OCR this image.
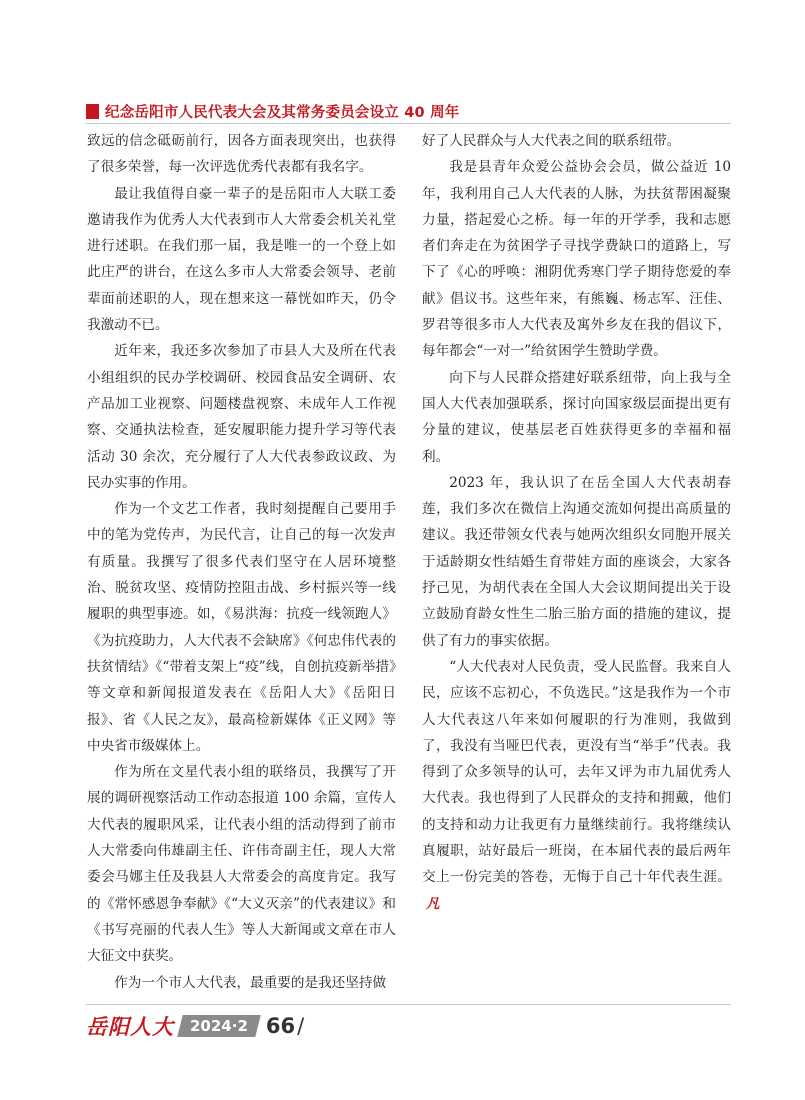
纪念岳阳市人民代表大会及其常务委员会设立 40 周年

致远的信念砥砺前行，因各方面表现突出，也获得了很多荣誉，每一次评选优秀代表都有我名字。

最让我值得自豪一辈子的是岳阳市人大联工委邀请我作为优秀人大代表到市人大常委会机关礼堂进行述职。在我们那一届，我是唯一的一个登上如此庄严的讲台，在这么多市人大常委会领导、老前辈面前述职的人，现在想来这一幕恍如昨天，仍令我激动不已。

近年来，我还多次参加了市县人大及所在代表小组组织的民办学校调研、校园食品安全调研、农产品加工业视察、问题楼盘视察、未成年人工作视察、交通执法检查，延安履职能力提升学习等代表活动 30 余次，充分履行了人大代表参政议政、为民办实事的作用。

作为一个文艺工作者，我时刻提醒自己要用手中的笔为党传声，为民代言，让自己的每一次发声有质量。我撰写了很多代表们坚守在人居环境整治、脱贫攻坚、疫情防控阻击战、乡村振兴等一线履职的典型事迹。如，《易洪海：抗疫一线领跑人》《为抗疫助力，人大代表不会缺席》《何忠伟代表的扶贫情结》《“带着支架上“疫”线，自创抗疫新举措》等文章和新闻报道发表在《岳阳人大》《岳阳日报》、省《人民之友》，最高检新媒体《正义网》等中央省市级媒体上。

作为所在文星代表小组的联络员，我撰写了开展的调研视察活动工作动态报道 100 余篇，宣传人大代表的履职风采，让代表小组的活动得到了前市人大常委向伟雄副主任、许伟奇副主任，现人大常委会马娜主任及我县人大常委会的高度肯定。我写的《常怀感恩争奉献》《“大义灭亲”的代表建议》和《书写亮丽的代表人生》等人大新闻或文章在市人大征文中获奖。

作为一个市人大代表，最重要的是我还坚持做

好了人民群众与人大代表之间的联系纽带。

我是县青年众爱公益协会会员，做公益近 10 年，我利用自己人大代表的人脉，为扶贫帮困凝聚力量，搭起爱心之桥。每一年的开学季，我和志愿者们奔走在为贫困学子寻找学费缺口的道路上，写下了《心的呼唤：湘阴优秀寒门学子期待您爱的奉献》倡议书。这些年来，有熊巍、杨志军、汪佳、罗君等很多市人大代表及寓外乡友在我的倡议下，每年都会“一对一”给贫困学生赞助学费。

向下与人民群众搭建好联系纽带，向上我与全国人大代表加强联系，探讨向国家级层面提出更有分量的建议，使基层老百姓获得更多的幸福和福利。

2023 年，我认识了在岳全国人大代表胡春莲，我们多次在微信上沟通交流如何提出高质量的建议。我还带领女代表与她两次组织女同胞开展关于适龄期女性结婚生育带娃方面的座谈会，大家各抒己见，为胡代表在全国人大会议期间提出关于设立鼓励育龄女性生二胎三胎方面的措施的建议，提供了有力的事实依据。

“人大代表对人民负责，受人民监督。我来自人民，应该不忘初心，不负选民。”这是我作为一个市人大代表这八年来如何履职的行为准则，我做到了，我没有当哑巴代表，更没有当“举手”代表。我得到了众多领导的认可，去年又评为市九届优秀人大代表。我也得到了人民群众的支持和拥戴，他们的支持和动力让我更有力量继续前行。我将继续认真履职，站好最后一班岗，在本届代表的最后两年交上一份完美的答卷，无悔于自己十年代表生涯。凡

岳阳人大	2024·2 66 /
